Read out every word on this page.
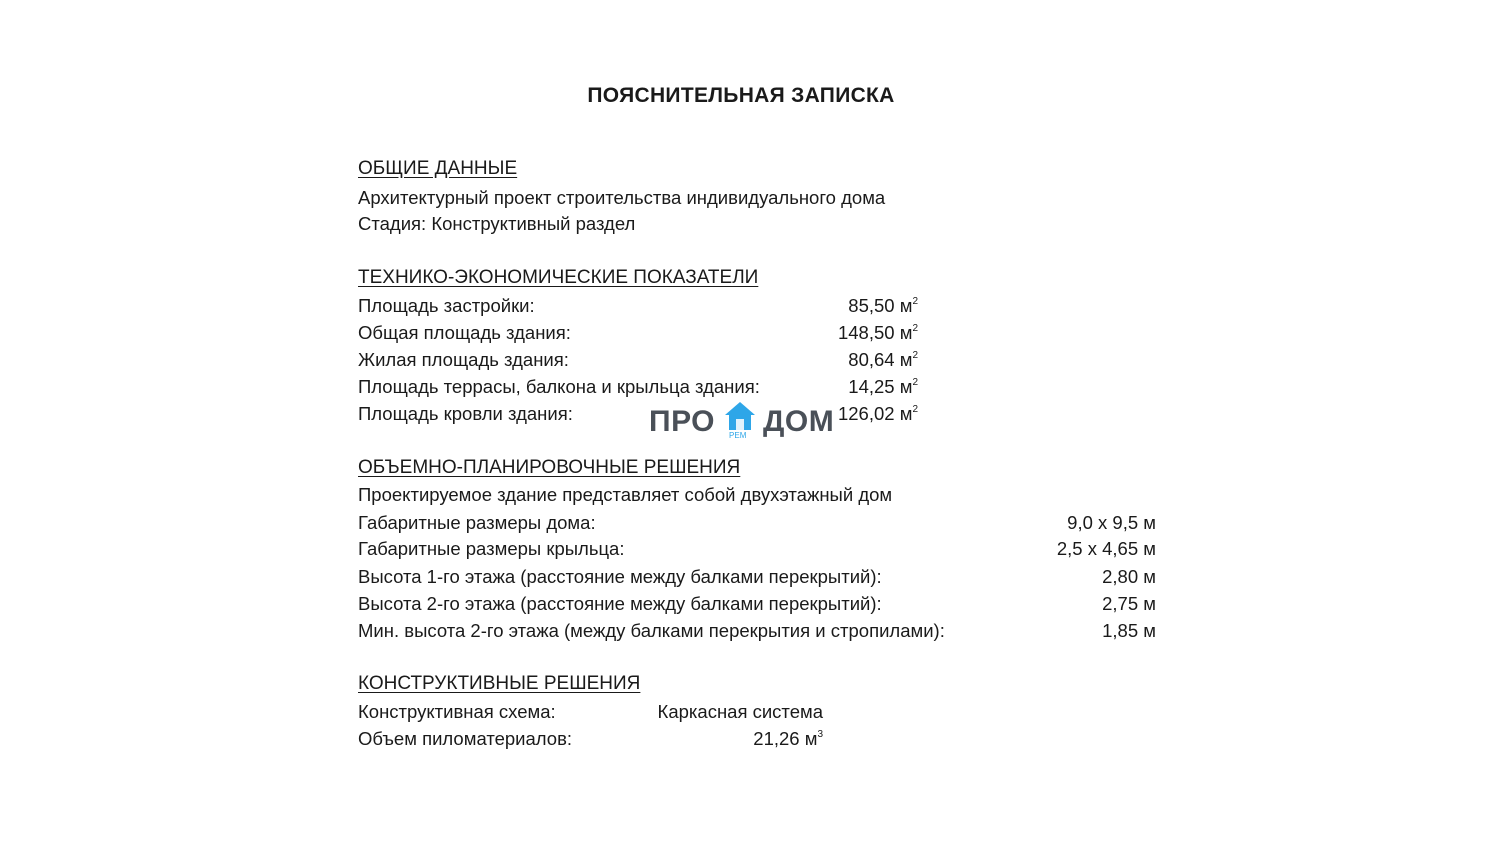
ПОЯСНИТЕЛЬНАЯ ЗАПИСКА
ОБЩИЕ ДАННЫЕ
Архитектурный проект строительства индивидуального дома
Стадия: Конструктивный раздел
ТЕХНИКО-ЭКОНОМИЧЕСКИЕ ПОКАЗАТЕЛИ
Площадь застройки:	85,50 $м^2$
Общая площадь здания:	148,50 $м^2$
Жилая площадь здания:	80,64 $м^2$
Площадь террасы, балкона и крыльца здания:	14,25 $м^2$
Площадь кровли здания:	126,02 $м^2$
ПРО РЕМ ДОМ
ОБЪЕМНО-ПЛАНИРОВОЧНЫЕ РЕШЕНИЯ
Проектируемое здание представляет собой двухэтажный дом
Габаритные размеры дома:	9,0 х 9,5 м
Габаритные размеры крыльца:	2,5 х 4,65 м
Высота 1-го этажа (расстояние между балками перекрытий):	2,80 м
Высота 2-го этажа (расстояние между балками перекрытий):	2,75 м
Мин. высота 2-го этажа (между балками перекрытия и стропилами):	1,85 м
КОНСТРУКТИВНЫЕ РЕШЕНИЯ
Конструктивная схема:	Каркасная система
Объем пиломатериалов:	21,26 $м^3$
